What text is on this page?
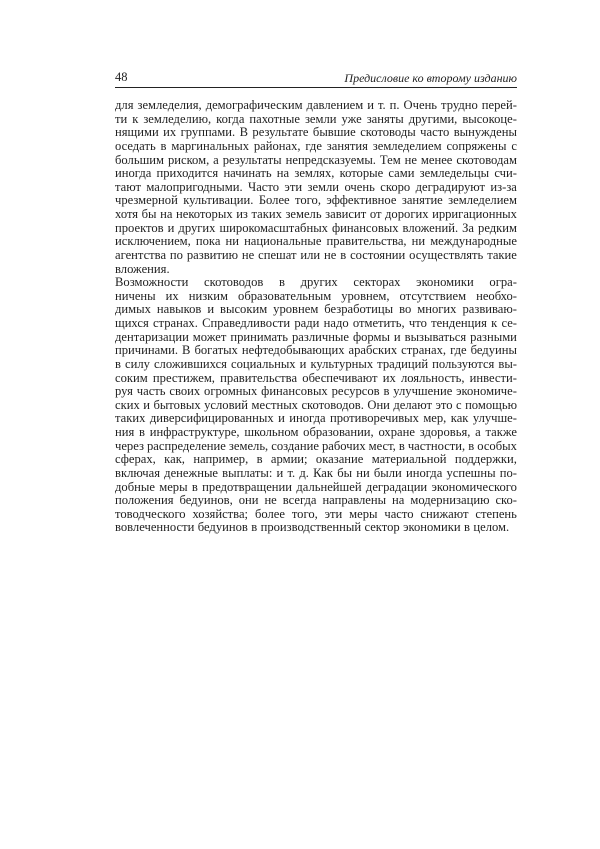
48	Предисловие ко второму изданию
для земледелия, демографическим давлением и т. п. Очень трудно перей-
ти к земледелию, когда пахотные земли уже заняты другими, высокоце-
нящими их группами. В результате бывшие скотоводы часто вынуждены
оседать в маргинальных районах, где занятия земледелием сопряжены с
большим риском, а результаты непредсказуемы. Тем не менее скотоводам
иногда приходится начинать на землях, которые сами земледельцы счи-
тают малопригодными. Часто эти земли очень скоро деградируют из-за
чрезмерной культивации. Более того, эффективное занятие земледелием
хотя бы на некоторых из таких земель зависит от дорогих ирригационных
проектов и других широкомасштабных финансовых вложений. За редким
исключением, пока ни национальные правительства, ни международные
агентства по развитию не спешат или не в состоянии осуществлять такие
вложения.
Возможности скотоводов в других секторах экономики огра-
ничены их низким образовательным уровнем, отсутствием необхо-
димых навыков и высоким уровнем безработицы во многих развиваю-
щихся странах. Справедливости ради надо отметить, что тенденция к се-
дентаризации может принимать различные формы и вызываться разными
причинами. В богатых нефтедобывающих арабских странах, где бедуины
в силу сложившихся социальных и культурных традиций пользуются вы-
соким престижем, правительства обеспечивают их лояльность, инвести-
руя часть своих огромных финансовых ресурсов в улучшение экономиче-
ских и бытовых условий местных скотоводов. Они делают это с помощью
таких диверсифицированных и иногда противоречивых мер, как улучше-
ния в инфраструктуре, школьном образовании, охране здоровья, а также
через распределение земель, создание рабочих мест, в частности, в особых
сферах, как, например, в армии; оказание материальной поддержки,
включая денежные выплаты: и т. д. Как бы ни были иногда успешны по-
добные меры в предотвращении дальнейшей деградации экономического
положения бедуинов, они не всегда направлены на модернизацию ско-
товодческого хозяйства; более того, эти меры часто снижают степень
вовлеченности бедуинов в производственный сектор экономики в целом.
